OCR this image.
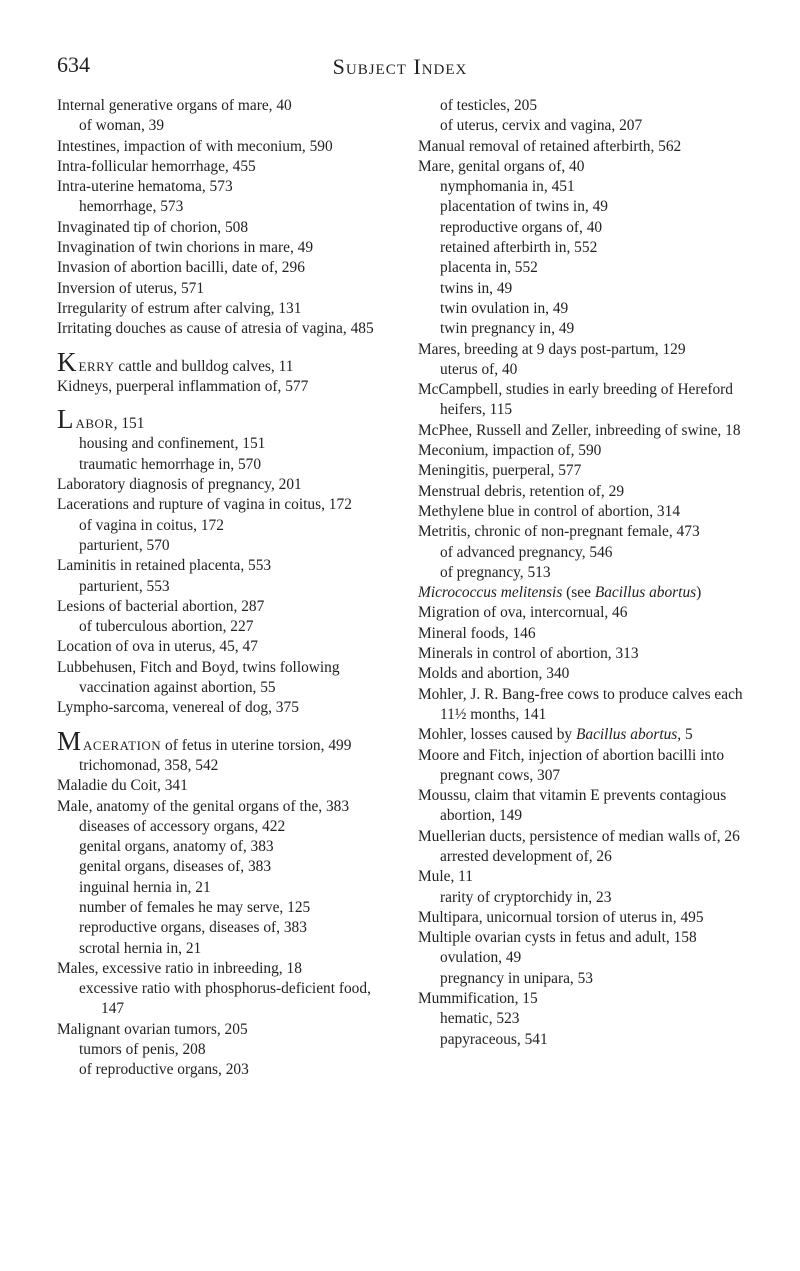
634	Subject Index
Internal generative organs of mare, 40
of woman, 39
Intestines, impaction of with meconium, 590
Intra-follicular hemorrhage, 455
Intra-uterine hematoma, 573
hemorrhage, 573
Invaginated tip of chorion, 508
Invagination of twin chorions in mare, 49
Invasion of abortion bacilli, date of, 296
Inversion of uterus, 571
Irregularity of estrum after calving, 131
Irritating douches as cause of atresia of vagina, 485
KERRY cattle and bulldog calves, 11
Kidneys, puerperal inflammation of, 577
LABOR, 151
housing and confinement, 151
traumatic hemorrhage in, 570
Laboratory diagnosis of pregnancy, 201
Lacerations and rupture of vagina in coitus, 172
of vagina in coitus, 172
parturient, 570
Laminitis in retained placenta, 553
parturient, 553
Lesions of bacterial abortion, 287
of tuberculous abortion, 227
Location of ova in uterus, 45, 47
Lubbehusen, Fitch and Boyd, twins following vaccination against abortion, 55
Lympho-sarcoma, venereal of dog, 375
MACERATION of fetus in uterine torsion, 499
trichomonad, 358, 542
Maladie du Coit, 341
Male, anatomy of the genital organs of the, 383
diseases of accessory organs, 422
genital organs, anatomy of, 383
genital organs, diseases of, 383
inguinal hernia in, 21
number of females he may serve, 125
reproductive organs, diseases of, 383
scrotal hernia in, 21
Males, excessive ratio in inbreeding, 18
excessive ratio with phosphorus-deficient food, 147
Malignant ovarian tumors, 205
tumors of penis, 208
of reproductive organs, 203
of testicles, 205
of uterus, cervix and vagina, 207
Manual removal of retained afterbirth, 562
Mare, genital organs of, 40
nymphomania in, 451
placentation of twins in, 49
reproductive organs of, 40
retained afterbirth in, 552
placenta in, 552
twins in, 49
twin ovulation in, 49
twin pregnancy in, 49
Mares, breeding at 9 days post-partum, 129
uterus of, 40
McCampbell, studies in early breeding of Hereford heifers, 115
McPhee, Russell and Zeller, inbreeding of swine, 18
Meconium, impaction of, 590
Meningitis, puerperal, 577
Menstrual debris, retention of, 29
Methylene blue in control of abortion, 314
Metritis, chronic of non-pregnant female, 473
of advanced pregnancy, 546
of pregnancy, 513
Micrococcus melitensis (see Bacillus abortus)
Migration of ova, intercornual, 46
Mineral foods, 146
Minerals in control of abortion, 313
Molds and abortion, 340
Mohler, J. R. Bang-free cows to produce calves each 11½ months, 141
Mohler, losses caused by Bacillus abortus, 5
Moore and Fitch, injection of abortion bacilli into pregnant cows, 307
Moussu, claim that vitamin E prevents contagious abortion, 149
Muellerian ducts, persistence of median walls of, 26
arrested development of, 26
Mule, 11
rarity of cryptorchidy in, 23
Multipara, unicornual torsion of uterus in, 495
Multiple ovarian cysts in fetus and adult, 158
ovulation, 49
pregnancy in unipara, 53
Mummification, 15
hematic, 523
papyraceous, 541
